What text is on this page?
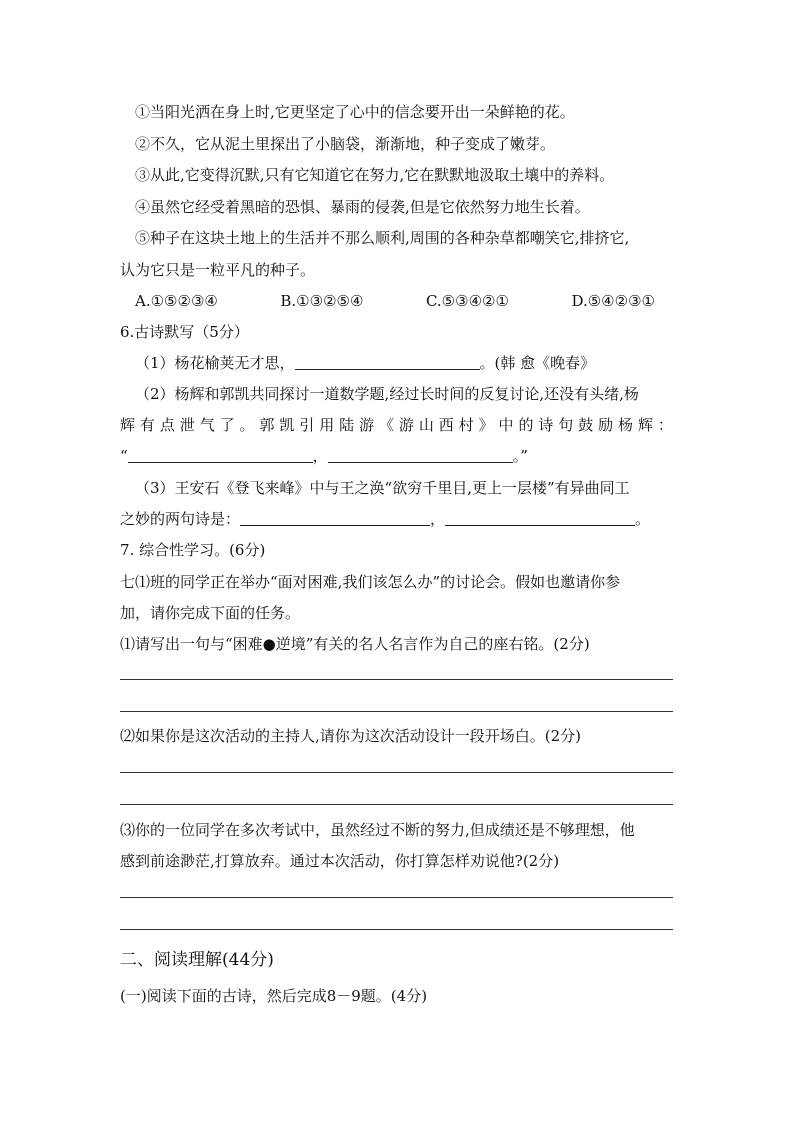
①当阳光洒在身上时,它更坚定了心中的信念要开出一朵鲜艳的花。
②不久，它从泥土里探出了小脑袋，渐渐地，种子变成了嫩芽。
③从此,它变得沉默,只有它知道它在努力,它在默默地汲取土壤中的养料。
④虽然它经受着黑暗的恐惧、暴雨的侵袭,但是它依然努力地生长着。
⑤种子在这块土地上的生活并不那么顺利,周围的各种杂草都嘲笑它,排挤它,
认为它只是一粒平凡的种子。
A.①⑤②③④	B.①③②⑤④	C.⑤③④②①	D.⑤④②③①
6.古诗默写（5分）
（1）杨花榆荚无才思，	。(韩 愈《晚春》
（2）杨辉和郭凯共同探讨一道数学题,经过长时间的反复讨论,还没有头绪,杨
辉 有 点 泄 气 了 。 郭 凯 引 用 陆 游 《 游 山 西 村 》 中 的 诗 句 鼓 励 杨 辉 ：
“	，	。”
（3）王安石《登飞来峰》中与王之涣“欲穷千里目,更上一层楼”有异曲同工
之妙的两句诗是：	，	。
7. 综合性学习。(6分)
七⑴班的同学正在举办“面对困难,我们该怎么办”的讨论会。假如也邀请你参
加，请你完成下面的任务。
⑴请写出一句与“困难●逆境”有关的名人名言作为自己的座右铭。(2分)
⑵如果你是这次活动的主持人,请你为这次活动设计一段开场白。(2分)
⑶你的一位同学在多次考试中，虽然经过不断的努力,但成绩还是不够理想，他
感到前途渺茫,打算放弃。通过本次活动，你打算怎样劝说他?(2分)
二、阅读理解(44分)
(一)阅读下面的古诗，然后完成8－9题。(4分)
